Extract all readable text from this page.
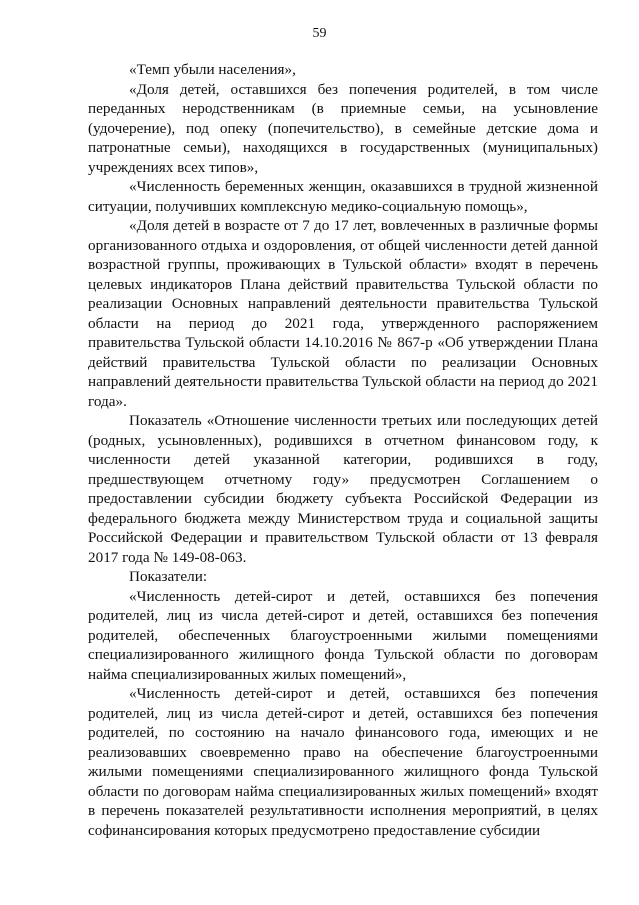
59

«Темп убыли населения»,

«Доля детей, оставшихся без попечения родителей, в том числе переданных неродственникам (в приемные семьи, на усыновление (удочерение), под опеку (попечительство), в семейные детские дома и патронатные семьи), находящихся в государственных (муниципальных) учреждениях всех типов»,

«Численность беременных женщин, оказавшихся в трудной жизненной ситуации, получивших комплексную медико-социальную помощь»,

«Доля детей в возрасте от 7 до 17 лет, вовлеченных в различные формы организованного отдыха и оздоровления, от общей численности детей данной возрастной группы, проживающих в Тульской области» входят в перечень целевых индикаторов Плана действий правительства Тульской области по реализации Основных направлений деятельности правительства Тульской области на период до 2021 года, утвержденного распоряжением правительства Тульской области 14.10.2016 № 867-р «Об утверждении Плана действий правительства Тульской области по реализации Основных направлений деятельности правительства Тульской области на период до 2021 года».

Показатель «Отношение численности третьих или последующих детей (родных, усыновленных), родившихся в отчетном финансовом году, к численности детей указанной категории, родившихся в году, предшествующем отчетному году» предусмотрен Соглашением о предоставлении субсидии бюджету субъекта Российской Федерации из федерального бюджета между Министерством труда и социальной защиты Российской Федерации и правительством Тульской области от 13 февраля 2017 года № 149-08-063.

Показатели:

«Численность детей-сирот и детей, оставшихся без попечения родителей, лиц из числа детей-сирот и детей, оставшихся без попечения родителей, обеспеченных благоустроенными жилыми помещениями специализированного жилищного фонда Тульской области по договорам найма специализированных жилых помещений»,

«Численность детей-сирот и детей, оставшихся без попечения родителей, лиц из числа детей-сирот и детей, оставшихся без попечения родителей, по состоянию на начало финансового года, имеющих и не реализовавших своевременно право на обеспечение благоустроенными жилыми помещениями специализированного жилищного фонда Тульской области по договорам найма специализированных жилых помещений» входят в перечень показателей результативности исполнения мероприятий, в целях софинансирования которых предусмотрено предоставление субсидии
